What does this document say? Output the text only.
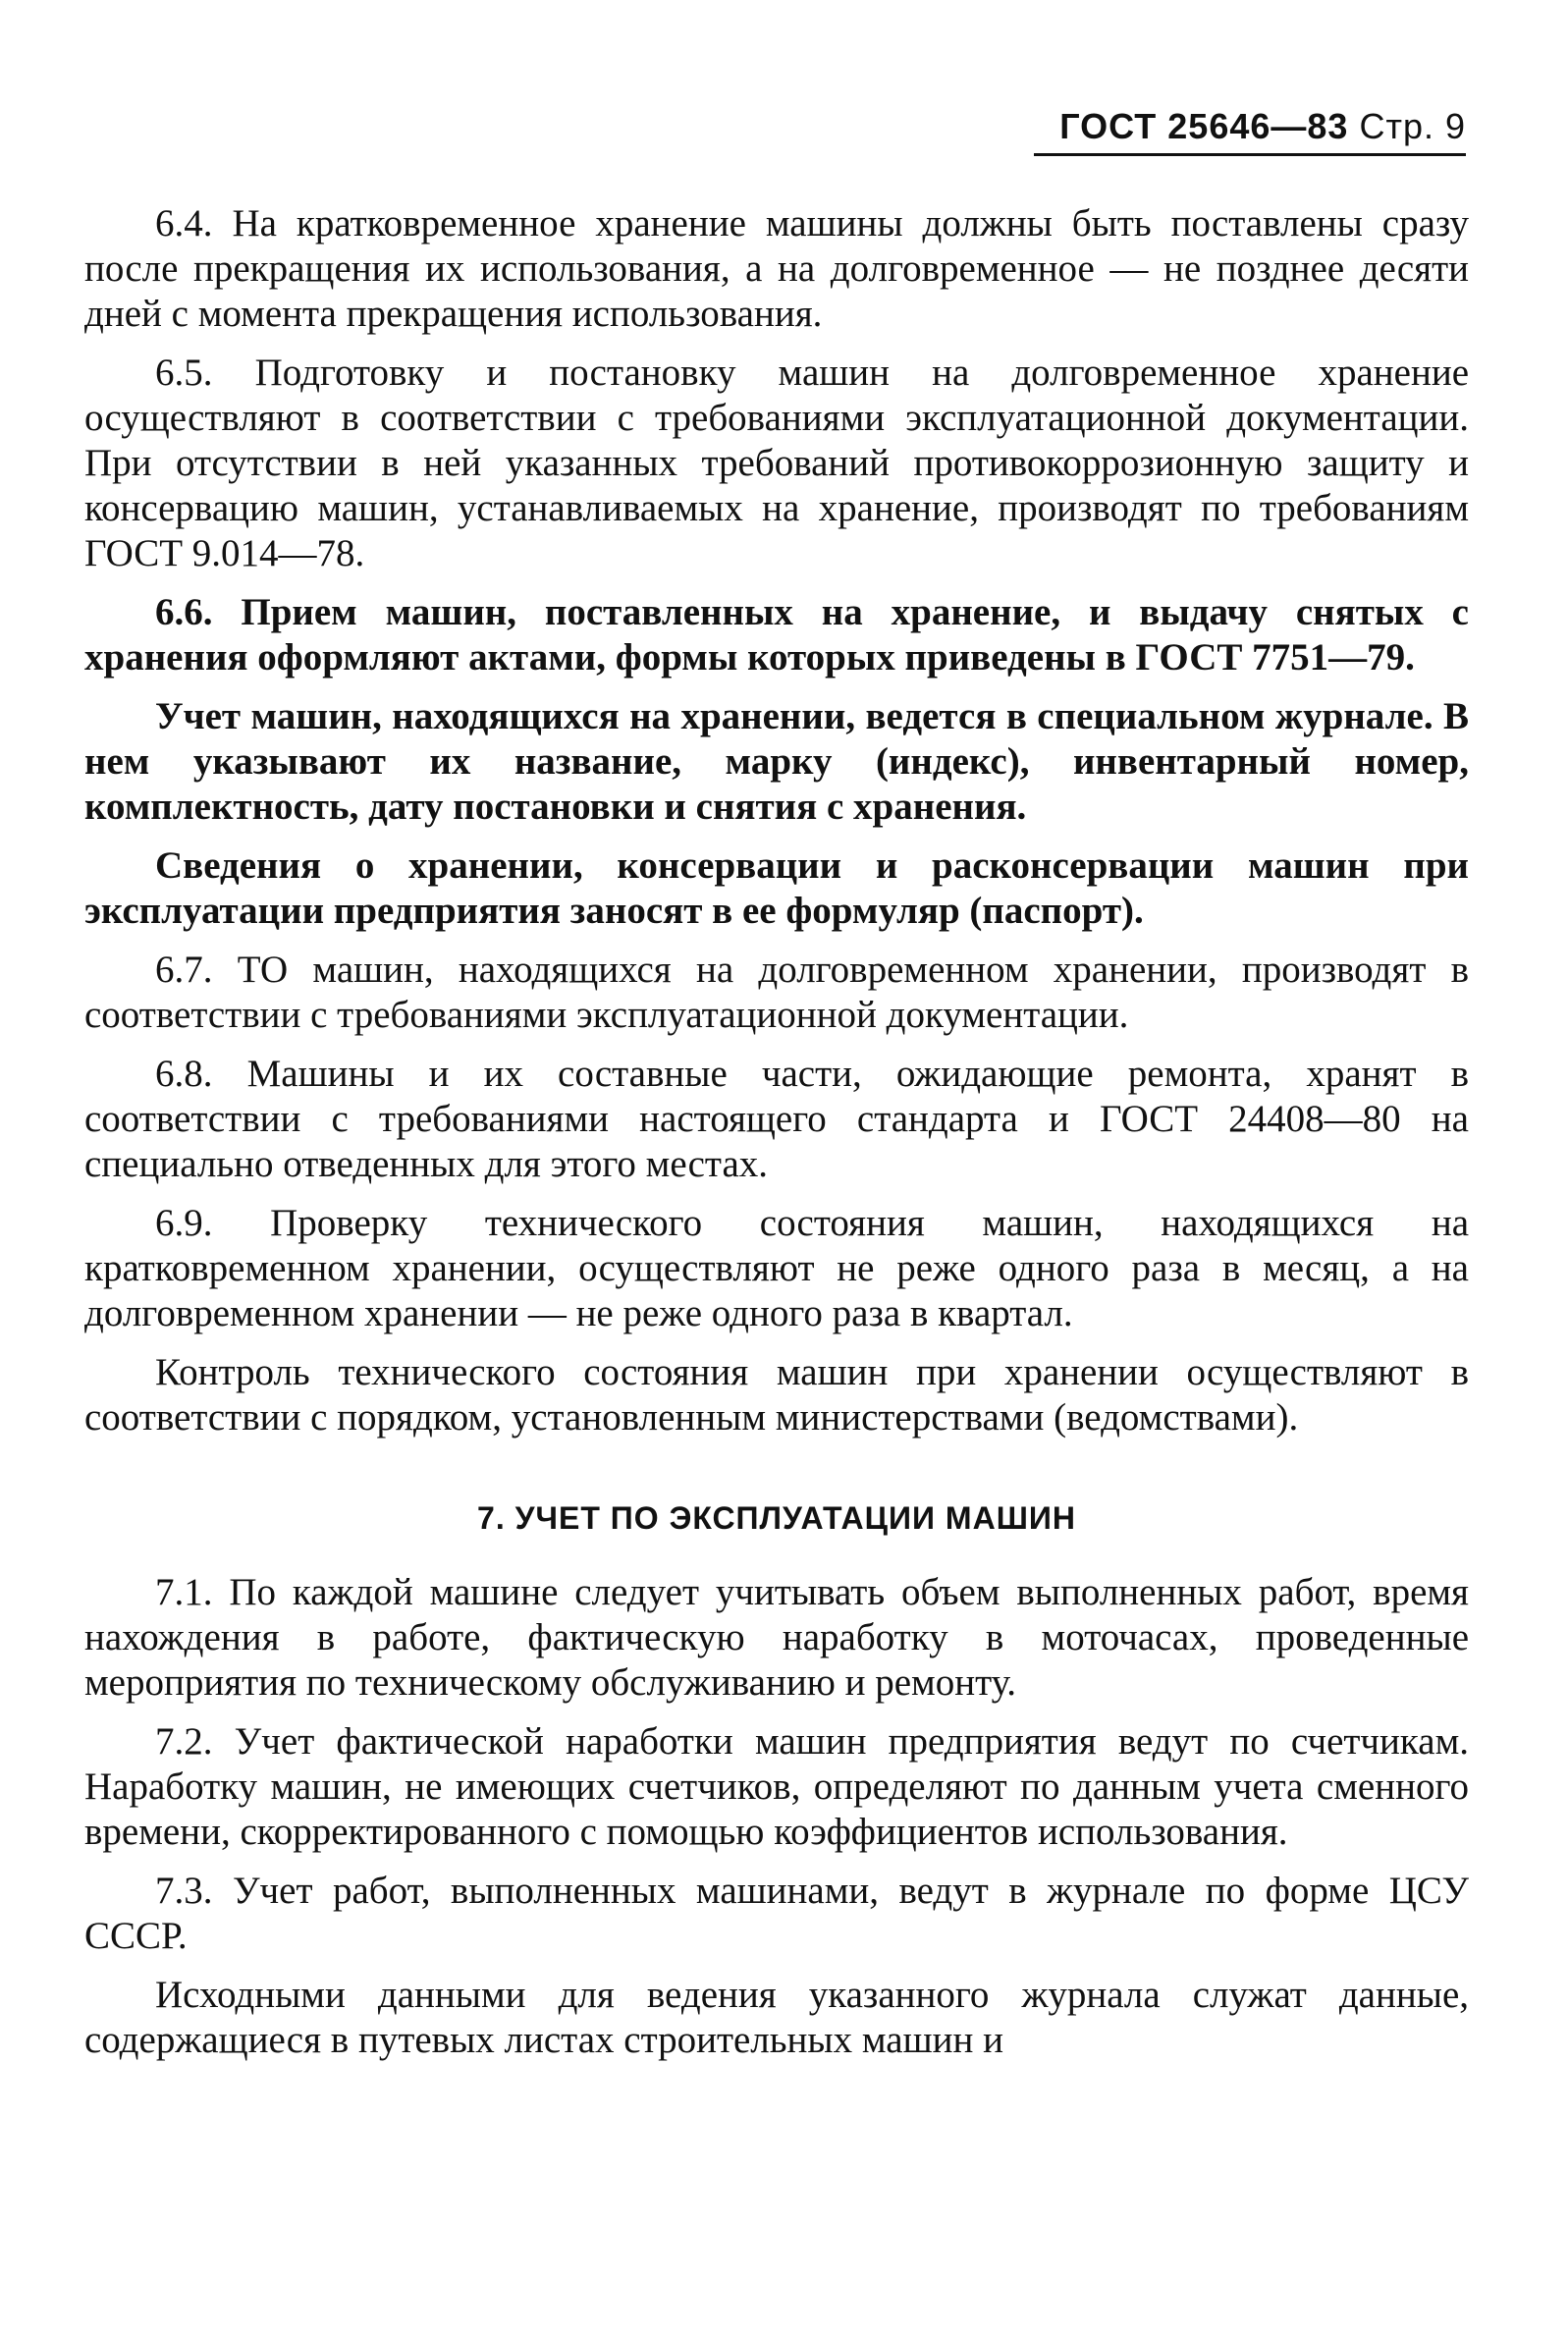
ГОСТ 25646—83 Стр. 9

6.4. На кратковременное хранение машины должны быть поставлены сразу после прекращения их использования, а на долговременное — не позднее десяти дней с момента прекращения использования.

6.5. Подготовку и постановку машин на долговременное хранение осуществляют в соответствии с требованиями эксплуатационной документации. При отсутствии в ней указанных требований противокоррозионную защиту и консервацию машин, устанавливаемых на хранение, производят по требованиям ГОСТ 9.014—78.

6.6. Прием машин, поставленных на хранение, и выдачу снятых с хранения оформляют актами, формы которых приведены в ГОСТ 7751—79.

Учет машин, находящихся на хранении, ведется в специальном журнале. В нем указывают их название, марку (индекс), инвентарный номер, комплектность, дату постановки и снятия с хранения.

Сведения о хранении, консервации и расконсервации машин при эксплуатации предприятия заносят в ее формуляр (паспорт).

6.7. ТО машин, находящихся на долговременном хранении, производят в соответствии с требованиями эксплуатационной документации.

6.8. Машины и их составные части, ожидающие ремонта, хранят в соответствии с требованиями настоящего стандарта и ГОСТ 24408—80 на специально отведенных для этого местах.

6.9. Проверку технического состояния машин, находящихся на кратковременном хранении, осуществляют не реже одного раза в месяц, а на долговременном хранении — не реже одного раза в квартал.

Контроль технического состояния машин при хранении осуществляют в соответствии с порядком, установленным министерствами (ведомствами).

7. УЧЕТ ПО ЭКСПЛУАТАЦИИ МАШИН

7.1. По каждой машине следует учитывать объем выполненных работ, время нахождения в работе, фактическую наработку в моточасах, проведенные мероприятия по техническому обслуживанию и ремонту.

7.2. Учет фактической наработки машин предприятия ведут по счетчикам. Наработку машин, не имеющих счетчиков, определяют по данным учета сменного времени, скорректированного с помощью коэффициентов использования.

7.3. Учет работ, выполненных машинами, ведут в журнале по форме ЦСУ СССР.

Исходными данными для ведения указанного журнала служат данные, содержащиеся в путевых листах строительных машин и
